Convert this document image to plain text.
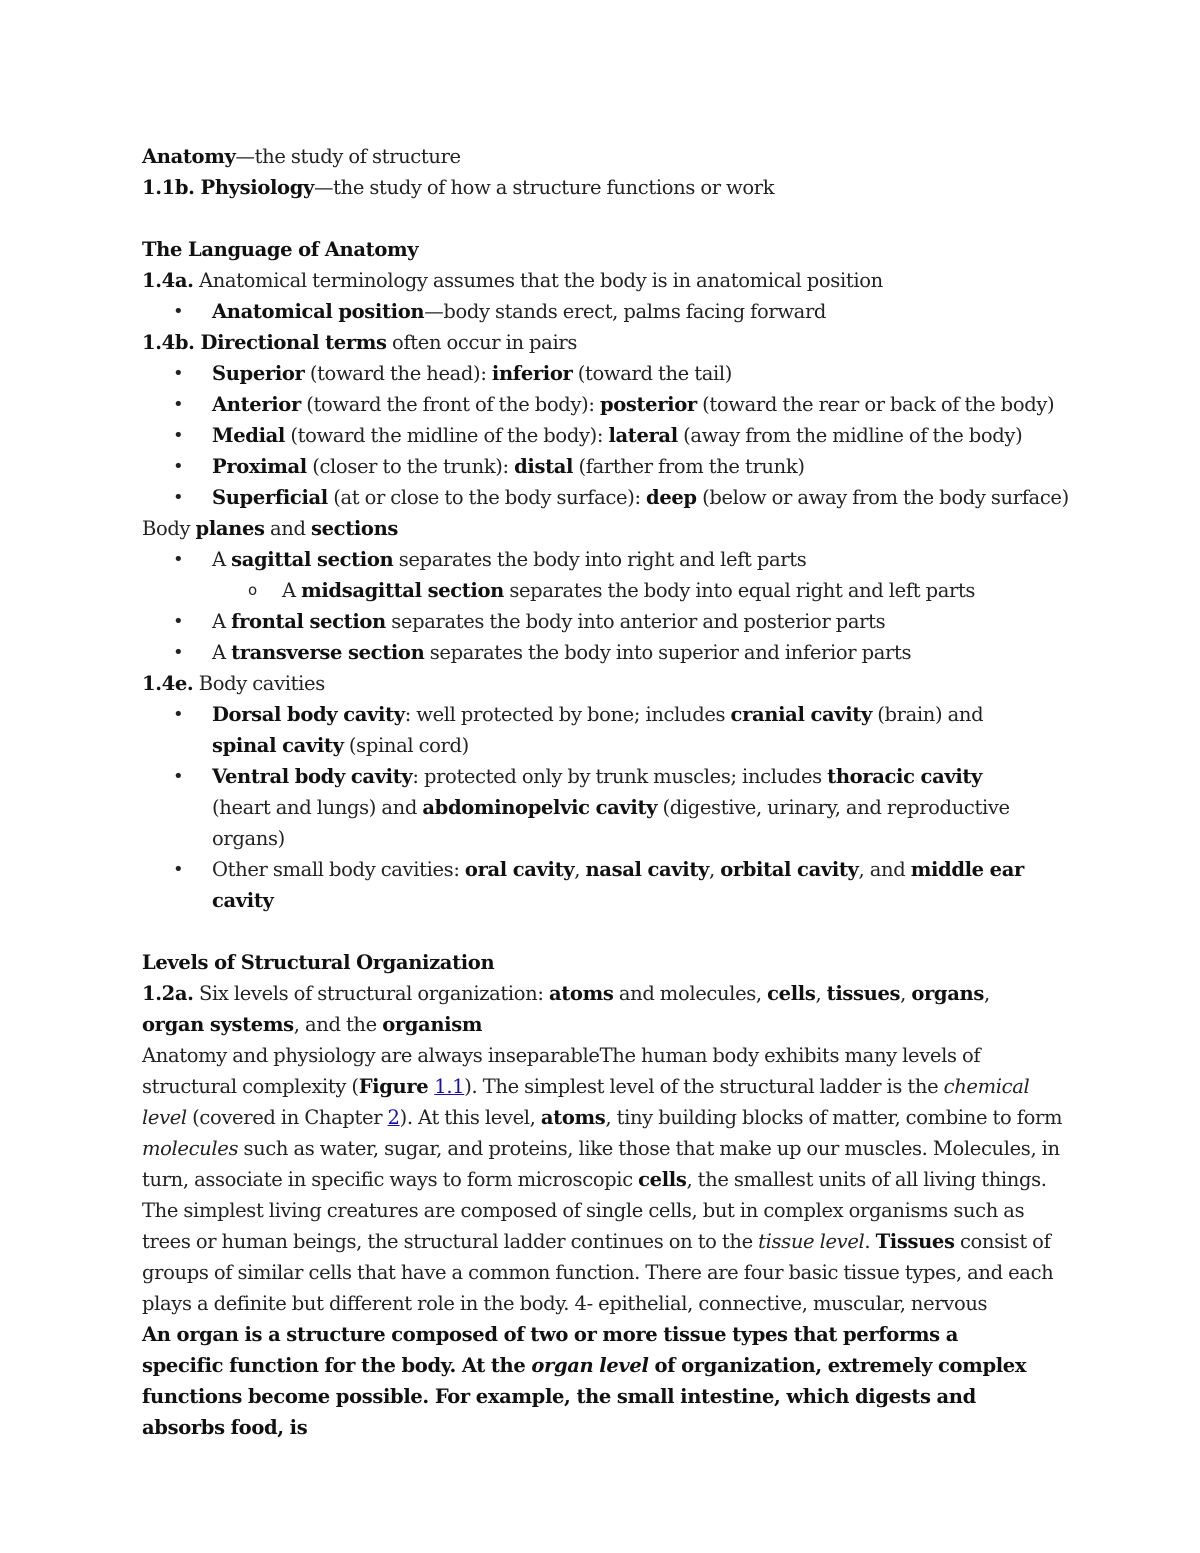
Anatomy—the study of structure
1.1b. Physiology—the study of how a structure functions or work
The Language of Anatomy
1.4a. Anatomical terminology assumes that the body is in anatomical position
• Anatomical position—body stands erect, palms facing forward
1.4b. Directional terms often occur in pairs
• Superior (toward the head): inferior (toward the tail)
• Anterior (toward the front of the body): posterior (toward the rear or back of the body)
• Medial (toward the midline of the body): lateral (away from the midline of the body)
• Proximal (closer to the trunk): distal (farther from the trunk)
• Superficial (at or close to the body surface): deep (below or away from the body surface)
Body planes and sections
• A sagittal section separates the body into right and left parts
o A midsagittal section separates the body into equal right and left parts
• A frontal section separates the body into anterior and posterior parts
• A transverse section separates the body into superior and inferior parts
1.4e. Body cavities
• Dorsal body cavity: well protected by bone; includes cranial cavity (brain) and spinal cavity (spinal cord)
• Ventral body cavity: protected only by trunk muscles; includes thoracic cavity (heart and lungs) and abdominopelvic cavity (digestive, urinary, and reproductive organs)
• Other small body cavities: oral cavity, nasal cavity, orbital cavity, and middle ear cavity
Levels of Structural Organization
1.2a. Six levels of structural organization: atoms and molecules, cells, tissues, organs, organ systems, and the organism
Anatomy and physiology are always inseparableThe human body exhibits many levels of structural complexity (Figure 1.1). The simplest level of the structural ladder is the chemical level (covered in Chapter 2). At this level, atoms, tiny building blocks of matter, combine to form molecules such as water, sugar, and proteins, like those that make up our muscles. Molecules, in turn, associate in specific ways to form microscopic cells, the smallest units of all living things. The simplest living creatures are composed of single cells, but in complex organisms such as trees or human beings, the structural ladder continues on to the tissue level. Tissues consist of groups of similar cells that have a common function. There are four basic tissue types, and each plays a definite but different role in the body. 4- epithelial, connective, muscular, nervous
An organ is a structure composed of two or more tissue types that performs a specific function for the body. At the organ level of organization, extremely complex functions become possible. For example, the small intestine, which digests and absorbs food, is
